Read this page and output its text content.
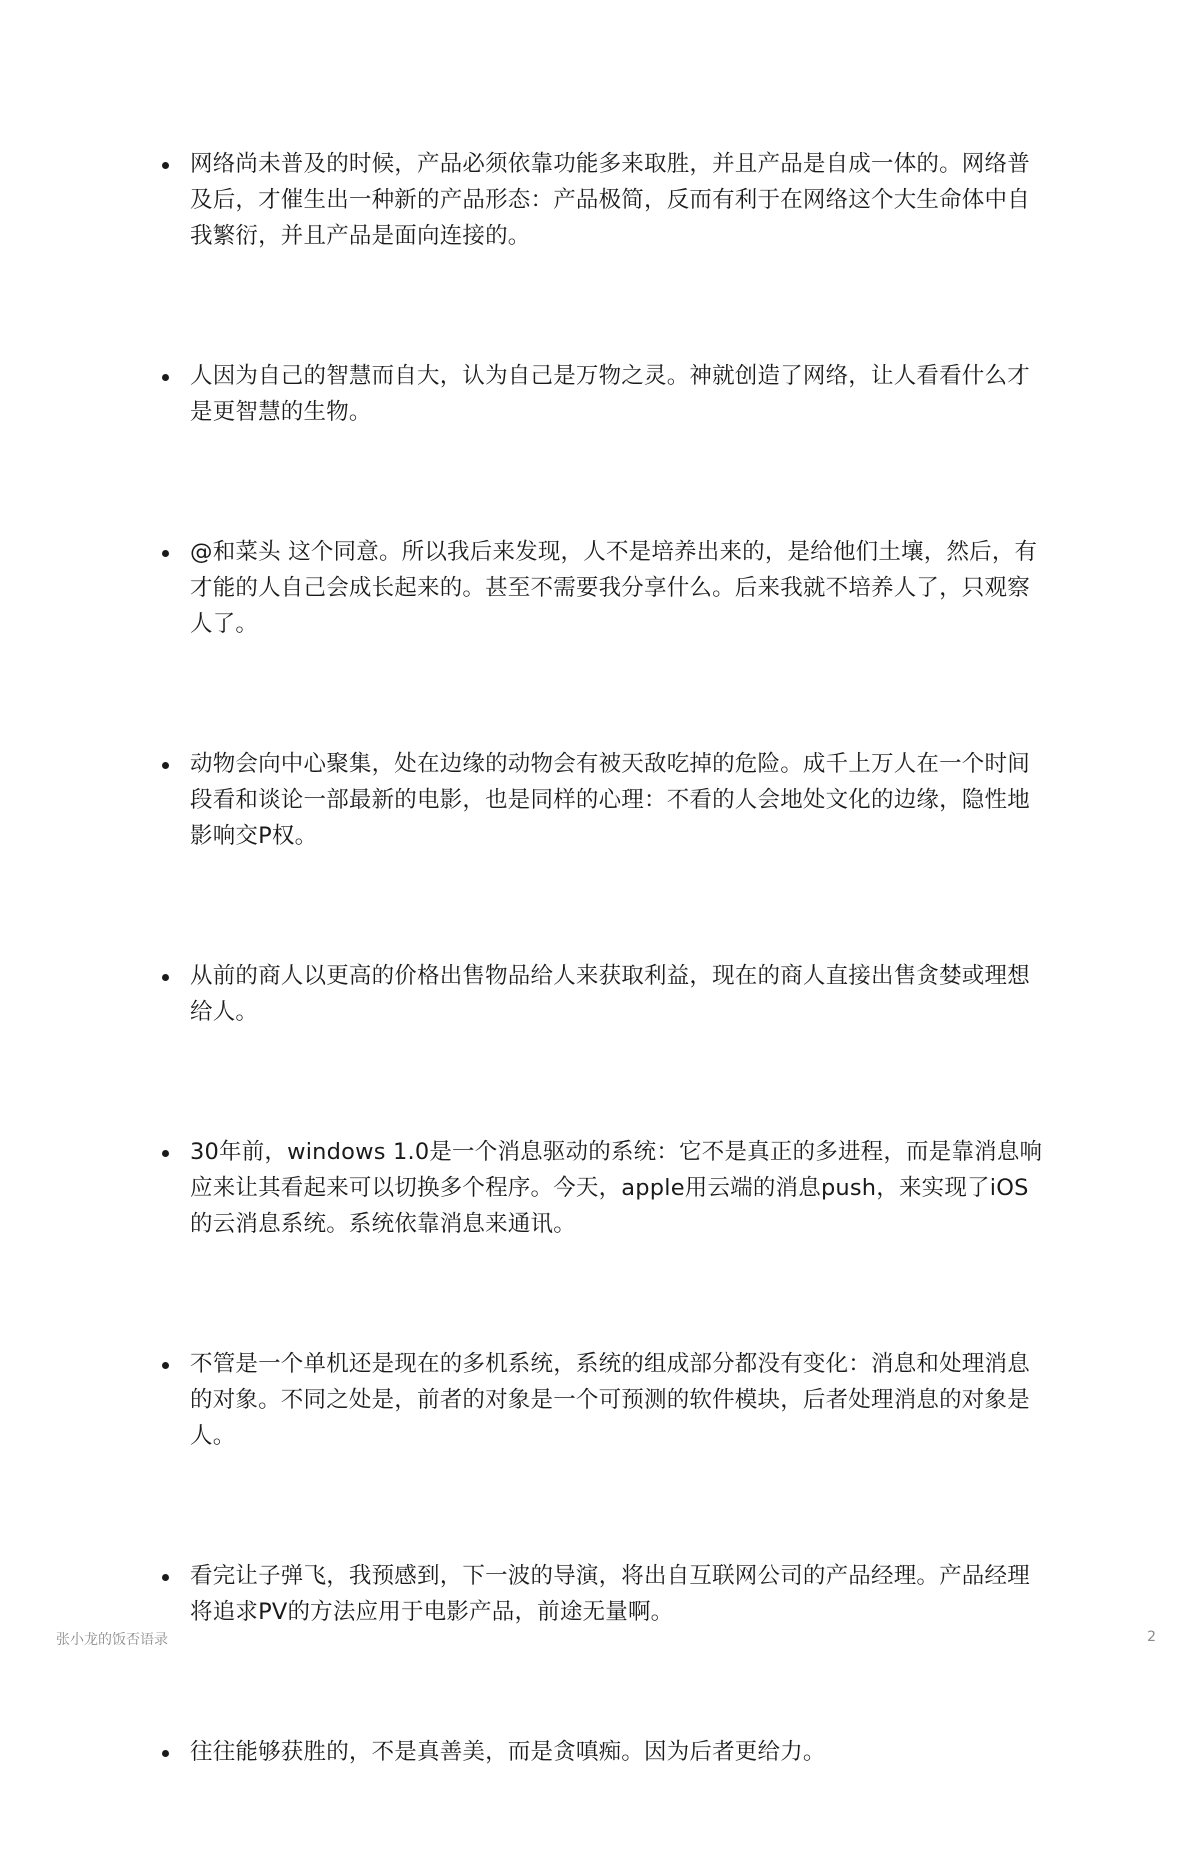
网络尚未普及的时候，产品必须依靠功能多来取胜，并且产品是自成一体的。网络普及后，才催生出一种新的产品形态：产品极简，反而有利于在网络这个大生命体中自我繁衍，并且产品是面向连接的。
人因为自己的智慧而自大，认为自己是万物之灵。神就创造了网络，让人看看什么才是更智慧的生物。
@和菜头 这个同意。所以我后来发现，人不是培养出来的，是给他们土壤，然后，有才能的人自己会成长起来的。甚至不需要我分享什么。后来我就不培养人了，只观察人了。
动物会向中心聚集，处在边缘的动物会有被天敌吃掉的危险。成千上万人在一个时间段看和谈论一部最新的电影，也是同样的心理：不看的人会地处文化的边缘，隐性地影响交P权。
从前的商人以更高的价格出售物品给人来获取利益，现在的商人直接出售贪婪或理想给人。
30年前，windows 1.0是一个消息驱动的系统：它不是真正的多进程，而是靠消息响应来让其看起来可以切换多个程序。今天，apple用云端的消息push，来实现了iOS的云消息系统。系统依靠消息来通讯。
不管是一个单机还是现在的多机系统，系统的组成部分都没有变化：消息和处理消息的对象。不同之处是，前者的对象是一个可预测的软件模块，后者处理消息的对象是人。
看完让子弹飞，我预感到，下一波的导演，将出自互联网公司的产品经理。产品经理将追求PV的方法应用于电影产品，前途无量啊。
往往能够获胜的，不是真善美，而是贪嗔痴。因为后者更给力。
张小龙的饭否语录	2
